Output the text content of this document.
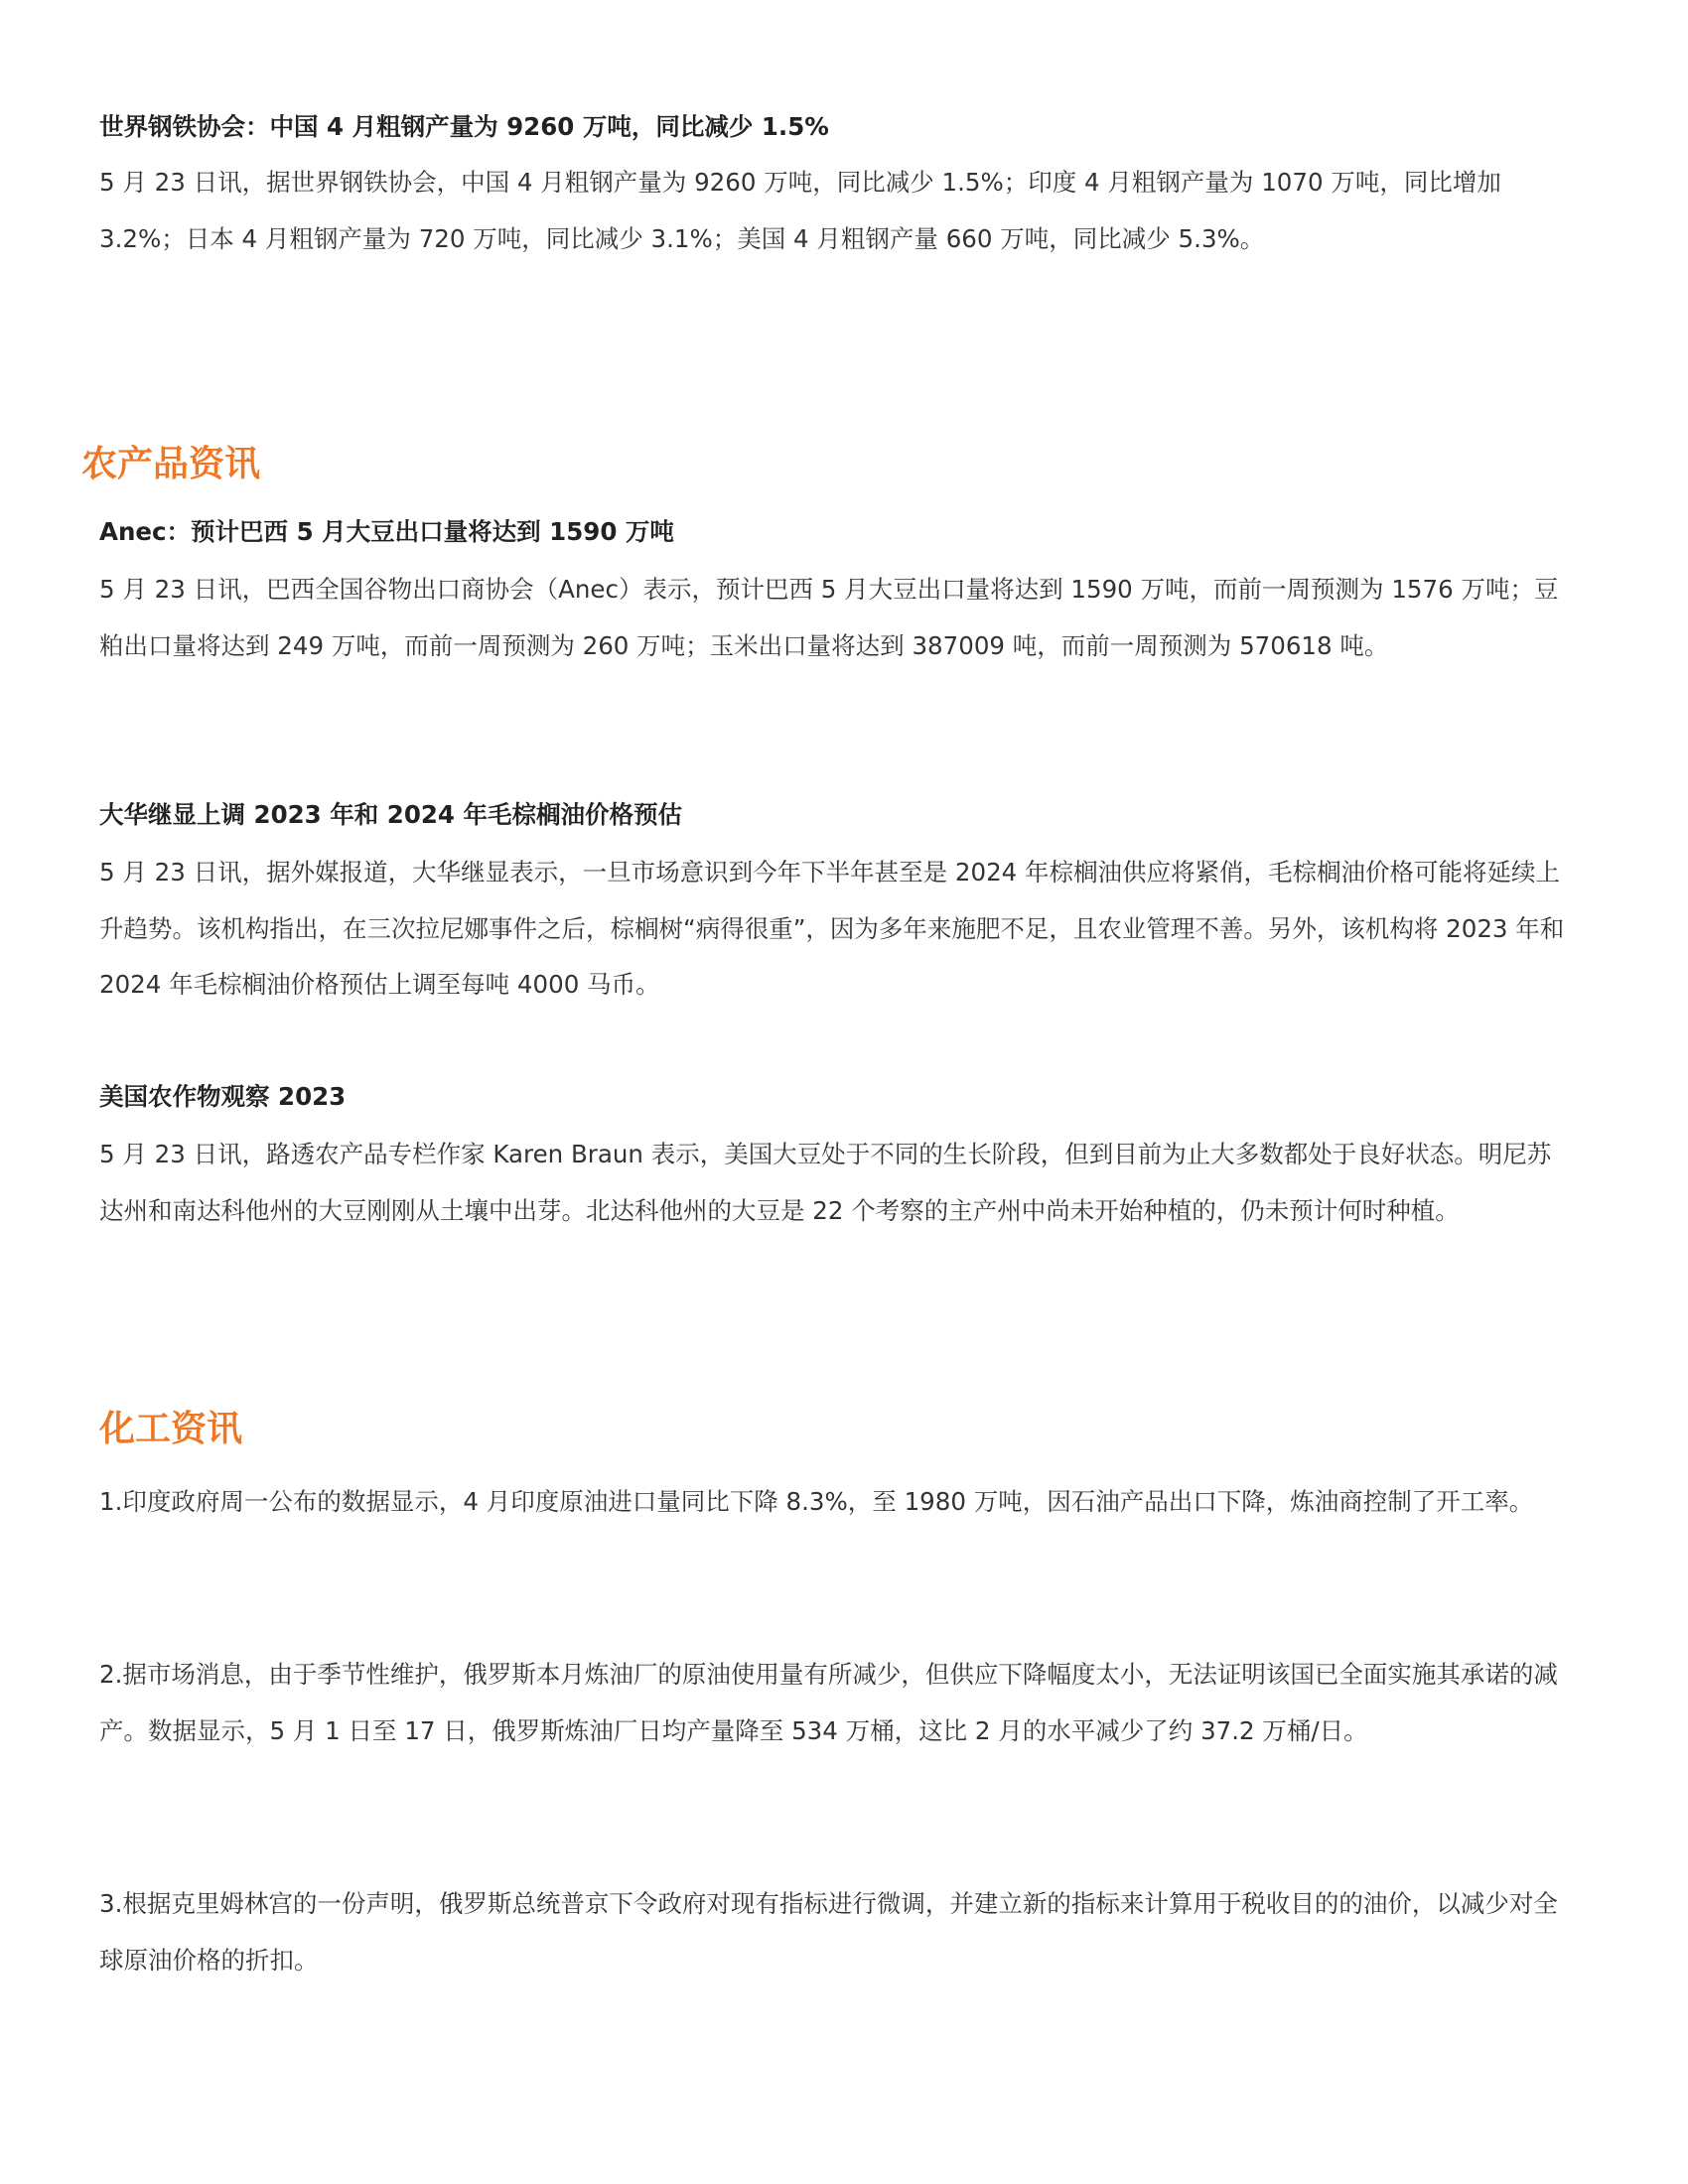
世界钢铁协会：中国 4 月粗钢产量为 9260 万吨，同比减少 1.5%

5 月 23 日讯，据世界钢铁协会，中国 4 月粗钢产量为 9260 万吨，同比减少 1.5%；印度 4 月粗钢产量为 1070 万吨，同比增加 3.2%；日本 4 月粗钢产量为 720 万吨，同比减少 3.1%；美国 4 月粗钢产量 660 万吨，同比减少 5.3%。

农产品资讯

Anec：预计巴西 5 月大豆出口量将达到 1590 万吨

5 月 23 日讯，巴西全国谷物出口商协会（Anec）表示，预计巴西 5 月大豆出口量将达到 1590 万吨，而前一周预测为 1576 万吨；豆粕出口量将达到 249 万吨，而前一周预测为 260 万吨；玉米出口量将达到 387009 吨，而前一周预测为 570618 吨。

大华继显上调 2023 年和 2024 年毛棕榈油价格预估

5 月 23 日讯，据外媒报道，大华继显表示，一旦市场意识到今年下半年甚至是 2024 年棕榈油供应将紧俏，毛棕榈油价格可能将延续上升趋势。该机构指出，在三次拉尼娜事件之后，棕榈树“病得很重”，因为多年来施肥不足，且农业管理不善。另外，该机构将 2023 年和 2024 年毛棕榈油价格预估上调至每吨 4000 马币。

美国农作物观察 2023

5 月 23 日讯，路透农产品专栏作家 Karen Braun 表示，美国大豆处于不同的生长阶段，但到目前为止大多数都处于良好状态。明尼苏达州和南达科他州的大豆刚刚从土壤中出芽。北达科他州的大豆是 22 个考察的主产州中尚未开始种植的，仍未预计何时种植。

化工资讯

1.印度政府周一公布的数据显示，4 月印度原油进口量同比下降 8.3%，至 1980 万吨，因石油产品出口下降，炼油商控制了开工率。

2.据市场消息，由于季节性维护，俄罗斯本月炼油厂的原油使用量有所减少，但供应下降幅度太小，无法证明该国已全面实施其承诺的减产。数据显示，5 月 1 日至 17 日，俄罗斯炼油厂日均产量降至 534 万桶，这比 2 月的水平减少了约 37.2 万桶/日。

3.根据克里姆林宫的一份声明，俄罗斯总统普京下令政府对现有指标进行微调，并建立新的指标来计算用于税收目的的油价，以减少对全球原油价格的折扣。
